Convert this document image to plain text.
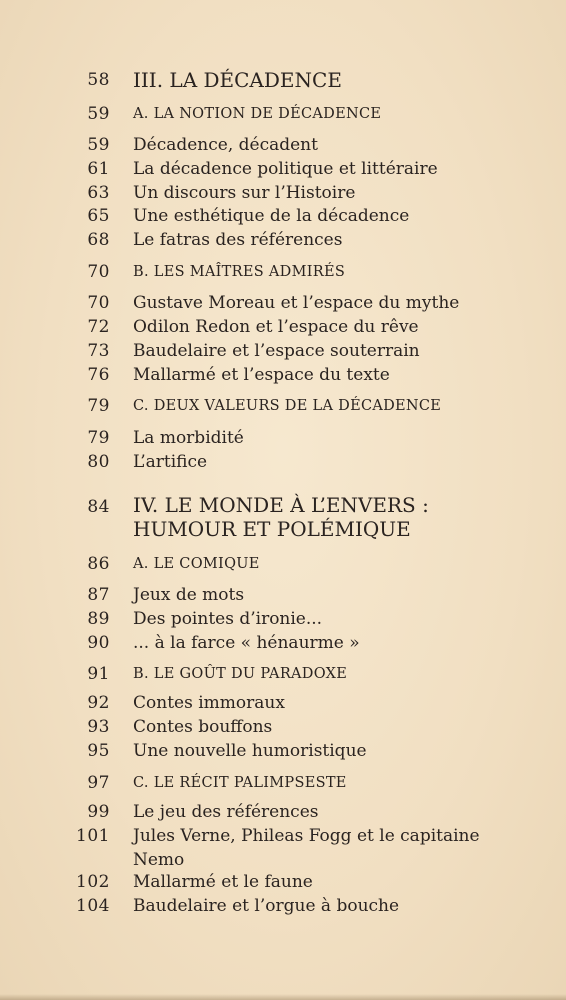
58 III. LA DÉCADENCE
59 A. LA NOTION DE DÉCADENCE
59 Décadence, décadent
61 La décadence politique et littéraire
63 Un discours sur l’Histoire
65 Une esthétique de la décadence
68 Le fatras des références
70 B. LES MAÎTRES ADMIRÉS
70 Gustave Moreau et l’espace du mythe
72 Odilon Redon et l’espace du rêve
73 Baudelaire et l’espace souterrain
76 Mallarmé et l’espace du texte
79 C. DEUX VALEURS DE LA DÉCADENCE
79 La morbidité
80 L’artifice
84 IV. LE MONDE À L’ENVERS : HUMOUR ET POLÉMIQUE
86 A. LE COMIQUE
87 Jeux de mots
89 Des pointes d’ironie...
90 ... à la farce « hénaurme »
91 B. LE GOÛT DU PARADOXE
92 Contes immoraux
93 Contes bouffons
95 Une nouvelle humoristique
97 C. LE RÉCIT PALIMPSESTE
99 Le jeu des références
101 Jules Verne, Phileas Fogg et le capitaine Nemo
102 Mallarmé et le faune
104 Baudelaire et l’orgue à bouche
